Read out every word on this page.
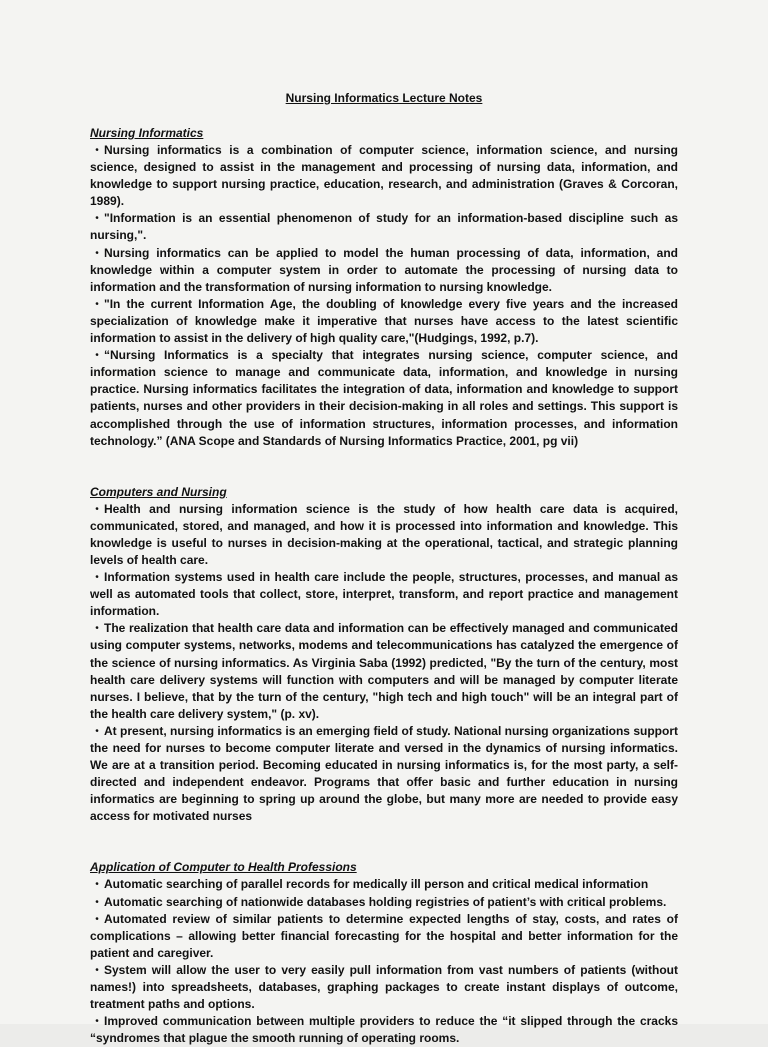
Nursing Informatics Lecture Notes
Nursing Informatics
・Nursing informatics is a combination of computer science, information science, and nursing science, designed to assist in the management and processing of nursing data, information, and knowledge to support nursing practice, education, research, and administration (Graves & Corcoran, 1989).
・"Information is an essential phenomenon of study for an information-based discipline such as nursing,".
・Nursing informatics can be applied to model the human processing of data, information, and knowledge within a computer system in order to automate the processing of nursing data to information and the transformation of nursing information to nursing knowledge.
・"In the current Information Age, the doubling of knowledge every five years and the increased specialization of knowledge make it imperative that nurses have access to the latest scientific information to assist in the delivery of high quality care,"(Hudgings, 1992, p.7).
・“Nursing Informatics is a specialty that integrates nursing science, computer science, and information science to manage and communicate data, information, and knowledge in nursing practice. Nursing informatics facilitates the integration of data, information and knowledge to support patients, nurses and other providers in their decision-making in all roles and settings. This support is accomplished through the use of information structures, information processes, and information technology.” (ANA Scope and Standards of Nursing Informatics Practice, 2001, pg vii)
Computers and Nursing
・Health and nursing information science is the study of how health care data is acquired, communicated, stored, and managed, and how it is processed into information and knowledge. This knowledge is useful to nurses in decision-making at the operational, tactical, and strategic planning levels of health care.
・Information systems used in health care include the people, structures, processes, and manual as well as automated tools that collect, store, interpret, transform, and report practice and management information.
・The realization that health care data and information can be effectively managed and communicated using computer systems, networks, modems and telecommunications has catalyzed the emergence of the science of nursing informatics. As Virginia Saba (1992) predicted, "By the turn of the century, most health care delivery systems will function with computers and will be managed by computer literate nurses. I believe, that by the turn of the century, "high tech and high touch" will be an integral part of the health care delivery system," (p. xv).
・At present, nursing informatics is an emerging field of study. National nursing organizations support the need for nurses to become computer literate and versed in the dynamics of nursing informatics. We are at a transition period. Becoming educated in nursing informatics is, for the most party, a self-directed and independent endeavor. Programs that offer basic and further education in nursing informatics are beginning to spring up around the globe, but many more are needed to provide easy access for motivated nurses
Application of Computer to Health Professions
・Automatic searching of parallel records for medically ill person and critical medical information
・Automatic searching of nationwide databases holding registries of patient’s with critical problems.
・Automated review of similar patients to determine expected lengths of stay, costs, and rates of complications – allowing better financial forecasting for the hospital and better information for the patient and caregiver.
・System will allow the user to very easily pull information from vast numbers of patients (without names!) into spreadsheets, databases, graphing packages to create instant displays of outcome, treatment paths and options.
・Improved communication between multiple providers to reduce the “it slipped through the cracks “syndromes that plague the smooth running of operating rooms.
